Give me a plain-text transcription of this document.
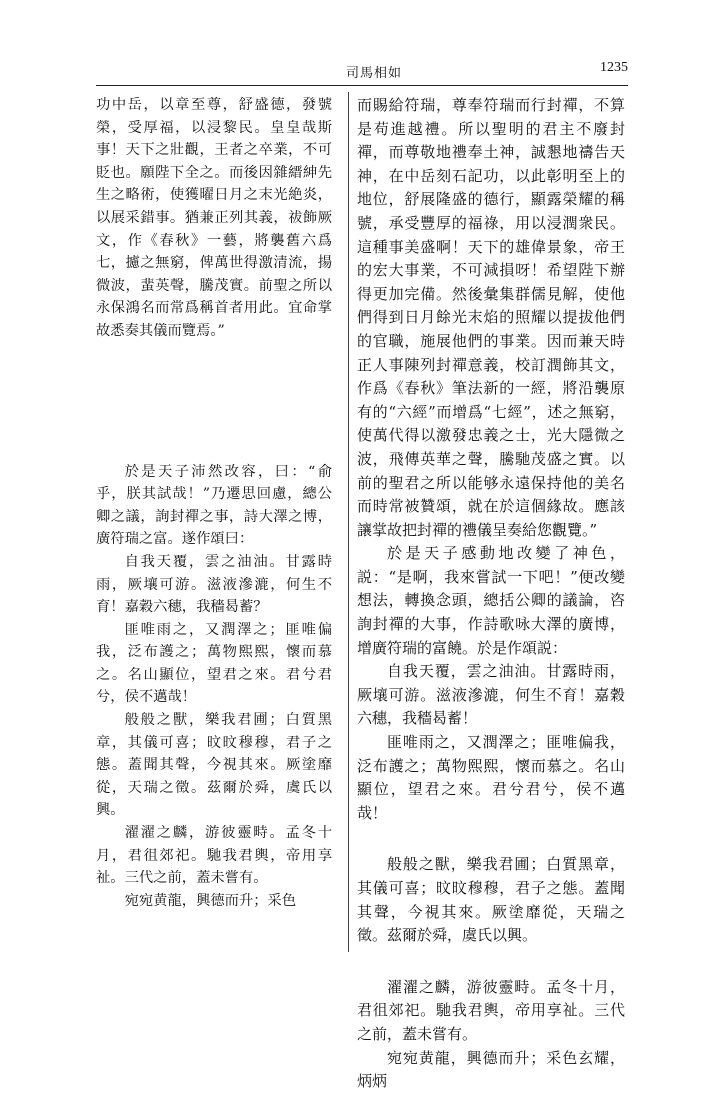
司馬相如	1235

功中岳，以章至尊，舒盛德，發號榮，受厚福，以浸黎民。皇皇哉斯事！天下之壯觀，王者之卒業，不可貶也。願陛下全之。而後因雜縉紳先生之略術，使獲曜日月之末光絶炎，以展采錯事。猶兼正列其義，祓飾厥文，作《春秋》一藝，將襲舊六爲七，攄之無窮，俾萬世得激清流，揚微波，蜚英聲，騰茂實。前聖之所以永保鴻名而常爲稱首者用此。宜命掌故悉奏其儀而覽焉。”

於是天子沛然改容，曰：“俞乎，朕其試哉！”乃遷思回慮，總公卿之議，詢封禪之事，詩大澤之博，廣符瑞之富。遂作頌曰：

自我天覆，雲之油油。甘露時雨，厥壤可游。滋液滲漉，何生不育！嘉穀六穗，我穡曷蓄？

匪唯雨之，又潤澤之；匪唯偏我，泛布護之；萬物熙熙，懷而慕之。名山顯位，望君之來。君兮君兮，侯不邁哉！

般般之獸，樂我君圃；白質黑章，其儀可喜；旼旼穆穆，君子之態。蓋聞其聲，今視其來。厥塗靡從，天瑞之徵。茲爾於舜，虞氏以興。

濯濯之麟，游彼靈畤。孟冬十月，君徂郊祀。馳我君輿，帝用享祉。三代之前，蓋未嘗有。

宛宛黄龍，興德而升；采色

而賜給符瑞，尊奉符瑞而行封禪，不算是苟進越禮。所以聖明的君主不廢封禪，而尊敬地禮奉土神，誠懇地禱告天神，在中岳刻石記功，以此彰明至上的地位，舒展隆盛的德行，顯露榮耀的稱號，承受豐厚的福祿，用以浸潤衆民。這種事美盛啊！天下的雄偉景象，帝王的宏大事業，不可減損呀！希望陛下辦得更加完備。然後彙集群儒見解，使他們得到日月餘光末焰的照耀以提拔他們的官職，施展他們的事業。因而兼天時正人事陳列封禪意義，校訂潤飾其文，作爲《春秋》筆法新的一經，將沿襲原有的“六經”而增爲“七經”，述之無窮，使萬代得以激發忠義之士，光大隱微之波，飛傳英華之聲，騰馳茂盛之實。以前的聖君之所以能够永遠保持他的美名而時常被贊頌，就在於這個緣故。應該讓掌故把封禪的禮儀呈奏給您觀覽。”

於是天子感動地改變了神色，説：“是啊，我來嘗試一下吧！”便改變想法，轉換念頭，總括公卿的議論，咨詢封禪的大事，作詩歌咏大澤的廣博，增廣符瑞的富饒。於是作頌説：

自我天覆，雲之油油。甘露時雨，厥壤可游。滋液滲漉，何生不育！嘉穀六穗，我穡曷蓄！

匪唯雨之，又潤澤之；匪唯偏我，泛布護之；萬物熙熙，懷而慕之。名山顯位，望君之來。君兮君兮，侯不邁哉！

般般之獸，樂我君圃；白質黑章，其儀可喜；旼旼穆穆，君子之態。蓋聞其聲，今視其來。厥塗靡從，天瑞之徵。茲爾於舜，虞氏以興。

濯濯之麟，游彼靈畤。孟冬十月，君徂郊祀。馳我君輿，帝用享祉。三代之前，蓋未嘗有。

宛宛黄龍，興德而升；采色玄耀，炳炳
